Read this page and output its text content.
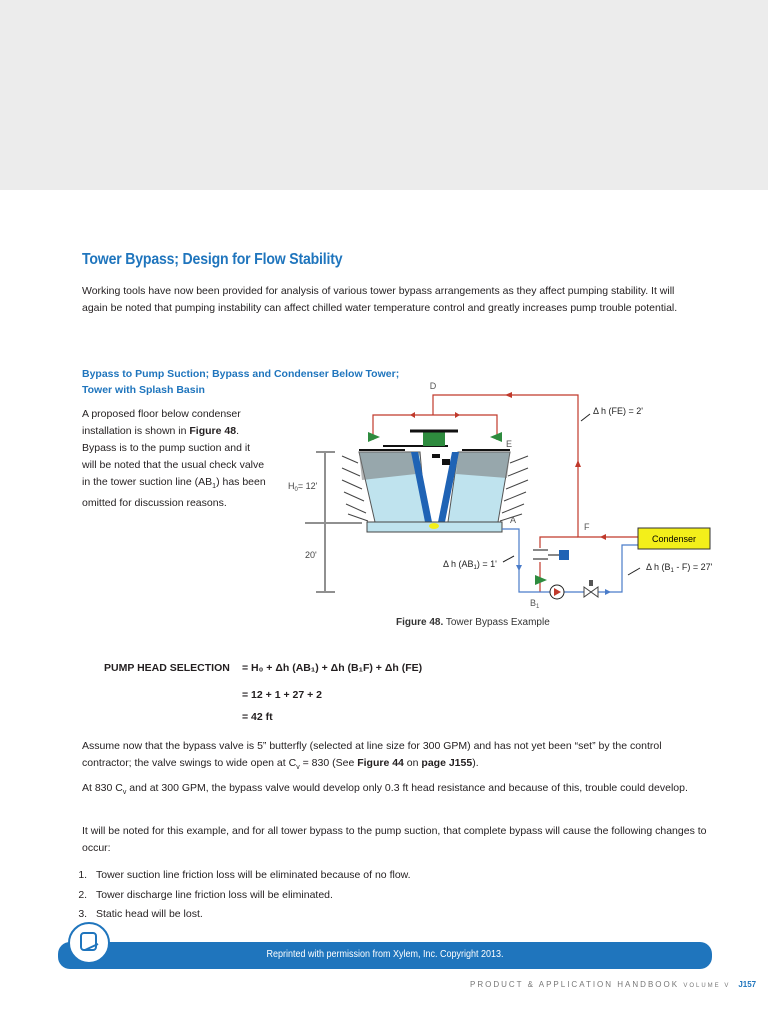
Tower Bypass; Design for Flow Stability
Working tools have now been provided for analysis of various tower bypass arrangements as they affect pumping stability. It will again be noted that pumping instability can affect chilled water temperature control and greatly increases pump trouble potential.
Bypass to Pump Suction; Bypass and Condenser Below Tower;
Tower with Splash Basin
A proposed floor below condenser installation is shown in Figure 48. Bypass is to the pump suction and it will be noted that the usual check valve in the tower suction line $(AB_1)$ has been omitted for discussion reasons.
$H_0= 12'$
20'
Condenser
D
E
A
F
$B_1$
Δ h (FE) = 2'
Δ h $(AB_1) = 1'$	Δ h $(B_1 - F) = 27'$
Figure 48. Tower Bypass Example
PUMP HEAD SELECTION = H₀ + Δh (AB₁) + Δh (B₁F) + Δh (FE)
= 12 + 1 + 27 + 2
= 42 ft
Assume now that the bypass valve is 5” butterfly (selected at line size for 300 GPM) and has not yet been “set” by the control contractor; the valve swings to wide open at $C_v = 830$ (See Figure 44 on page J155).
At 830 $C_v$ and at 300 GPM, the bypass valve would develop only 0.3 ft head resistance and because of this, trouble could develop.
It will be noted for this example, and for all tower bypass to the pump suction, that complete bypass will cause the following changes to occur:
1. Tower suction line friction loss will be eliminated because of no flow.
2. Tower discharge line friction loss will be eliminated.
3. Static head will be lost.
Reprinted with permission from Xylem, Inc. Copyright 2013.
PRODUCT & APPLICATION HANDBOOK VOLUME V J157
